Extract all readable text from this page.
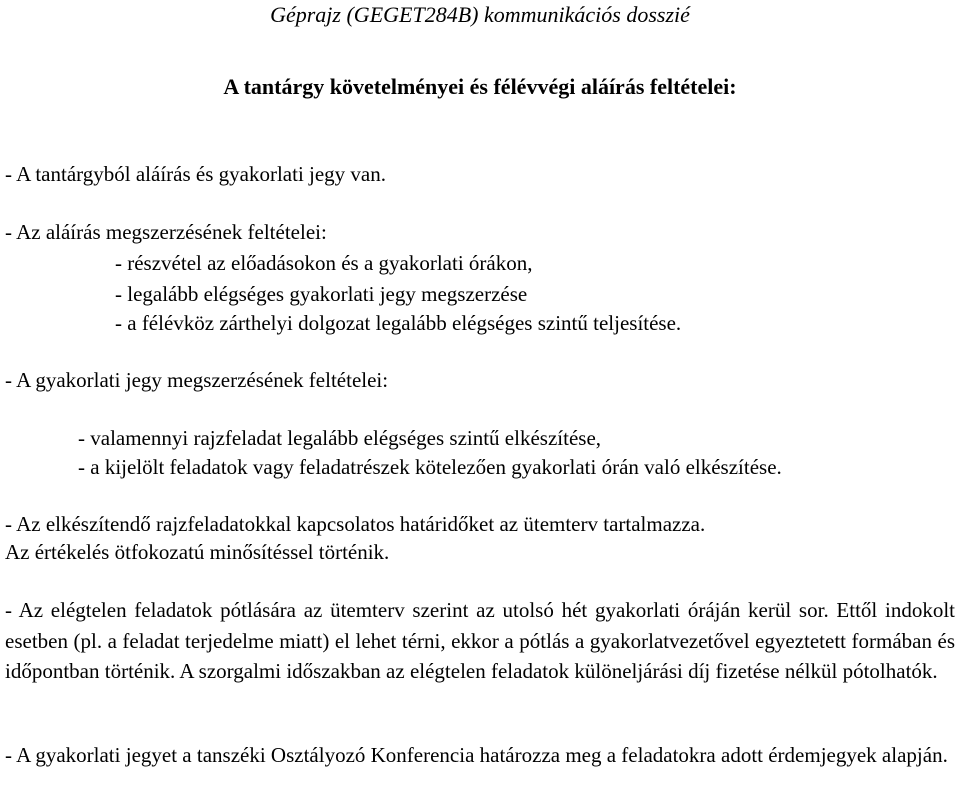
Géprajz (GEGET284B) kommunikációs dosszié
A tantárgy követelményei és félévvégi aláírás feltételei:
- A tantárgyból aláírás és gyakorlati jegy van.
- Az aláírás megszerzésének feltételei:
- részvétel az előadásokon és a gyakorlati órákon,
- legalább elégséges gyakorlati jegy megszerzése
- a félévköz zárthelyi dolgozat legalább elégséges szintű teljesítése.
- A gyakorlati jegy megszerzésének feltételei:
- valamennyi rajzfeladat legalább elégséges szintű elkészítése,
- a kijelölt feladatok vagy feladatrészek kötelezően gyakorlati órán való elkészítése.
- Az elkészítendő rajzfeladatokkal kapcsolatos határidőket az ütemterv tartalmazza.
Az értékelés ötfokozatú minősítéssel történik.
- Az elégtelen feladatok pótlására az ütemterv szerint az utolsó hét gyakorlati óráján kerül sor. Ettől indokolt esetben (pl. a feladat terjedelme miatt) el lehet térni, ekkor a pótlás a gyakorlatvezetővel egyeztetett formában és időpontban történik. A szorgalmi időszakban az elégtelen feladatok különeljárási díj fizetése nélkül pótolhatók.
- A gyakorlati jegyet a tanszéki Osztályozó Konferencia határozza meg a feladatokra adott érdemjegyek alapján.
